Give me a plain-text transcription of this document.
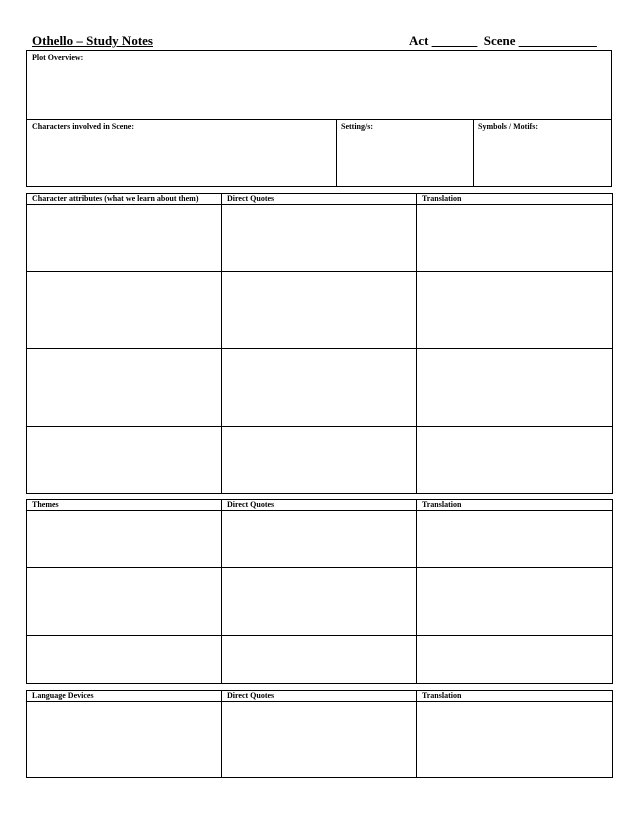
Othello – Study Notes	Act _______ Scene ____________
Plot Overview:
Characters involved in Scene:	Setting/s:	Symbols / Motifs:
Character attributes (what we learn about them)	Direct Quotes	Translation

Themes	Direct Quotes	Translation

Language Devices	Direct Quotes	Translation
